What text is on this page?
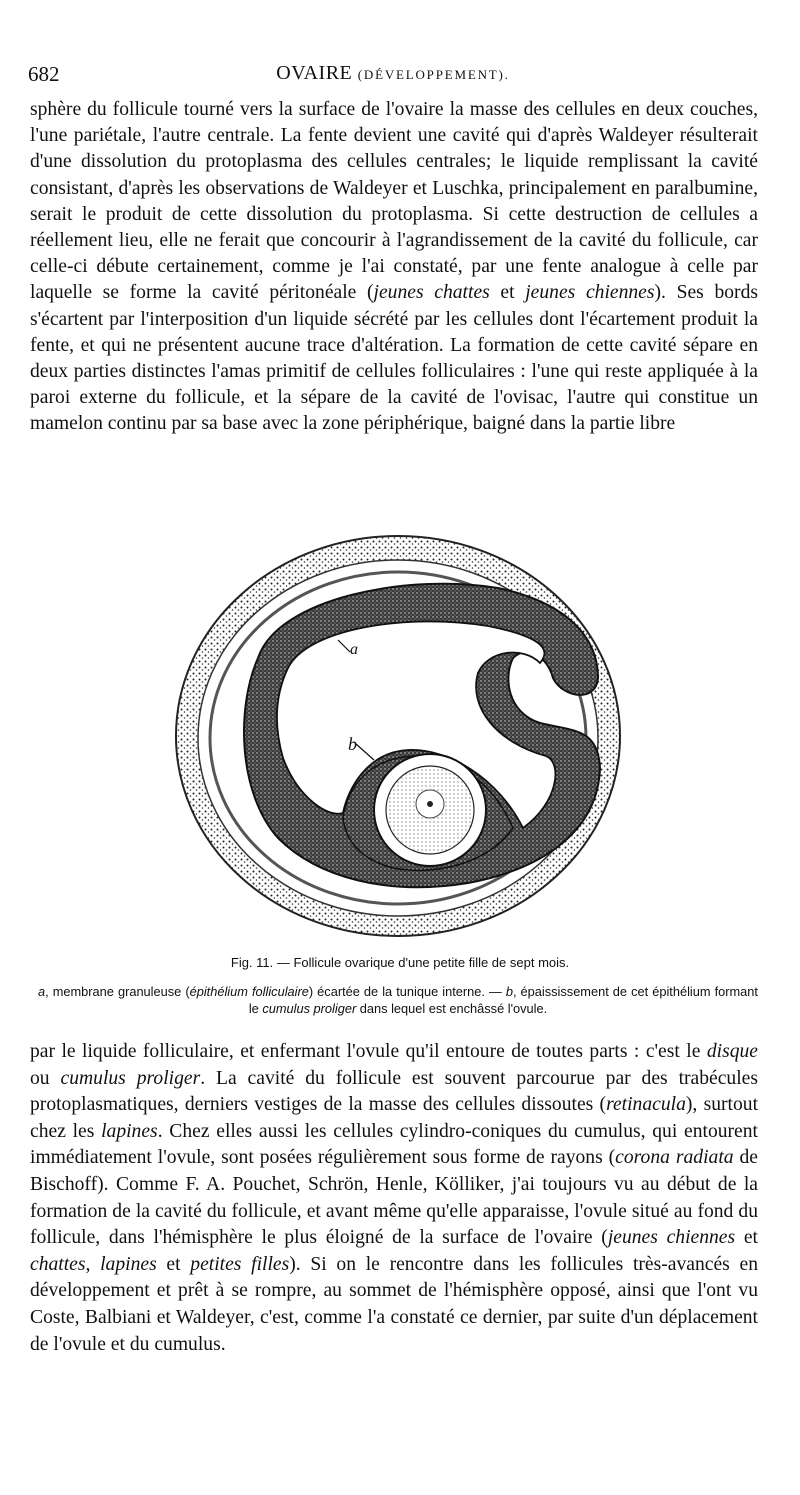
682	OVAIRE (DÉVELOPPEMENT).

sphère du follicule tourné vers la surface de l'ovaire la masse des cellules en deux couches, l'une pariétale, l'autre centrale. La fente devient une cavité qui d'après Waldeyer résulterait d'une dissolution du protoplasma des cellules centrales; le liquide remplissant la cavité consistant, d'après les observations de Waldeyer et Luschka, principalement en paralbumine, serait le produit de cette dissolution du protoplasma. Si cette destruction de cellules a réellement lieu, elle ne ferait que concourir à l'agrandissement de la cavité du follicule, car celle-ci débute certainement, comme je l'ai constaté, par une fente analogue à celle par laquelle se forme la cavité péritonéale (jeunes chattes et jeunes chiennes). Ses bords s'écartent par l'interposition d'un liquide sécrété par les cellules dont l'écartement produit la fente, et qui ne présentent aucune trace d'altération. La formation de cette cavité sépare en deux parties distinctes l'amas primitif de cellules folliculaires : l'une qui reste appliquée à la paroi externe du follicule, et la sépare de la cavité de l'ovisac, l'autre qui constitue un mamelon continu par sa base avec la zone périphérique, baigné dans la partie libre

a
b
Fig. 11. — Follicule ovarique d'une petite fille de sept mois.

a, membrane granuleuse (épithélium folliculaire) écartée de la tunique interne. — b, épaississement de cet épithélium formant le cumulus proliger dans lequel est enchâssé l'ovule.

par le liquide folliculaire, et enfermant l'ovule qu'il entoure de toutes parts : c'est le disque ou cumulus proliger. La cavité du follicule est souvent parcourue par des trabécules protoplasmatiques, derniers vestiges de la masse des cellules dissoutes (retinacula), surtout chez les lapines. Chez elles aussi les cellules cylindro-coniques du cumulus, qui entourent immédiatement l'ovule, sont posées régulièrement sous forme de rayons (corona radiata de Bischoff). Comme F. A. Pouchet, Schrön, Henle, Kölliker, j'ai toujours vu au début de la formation de la cavité du follicule, et avant même qu'elle apparaisse, l'ovule situé au fond du follicule, dans l'hémisphère le plus éloigné de la surface de l'ovaire (jeunes chiennes et chattes, lapines et petites filles). Si on le rencontre dans les follicules très-avancés en développement et prêt à se rompre, au sommet de l'hémisphère opposé, ainsi que l'ont vu Coste, Balbiani et Waldeyer, c'est, comme l'a constaté ce dernier, par suite d'un déplacement de l'ovule et du cumulus.
